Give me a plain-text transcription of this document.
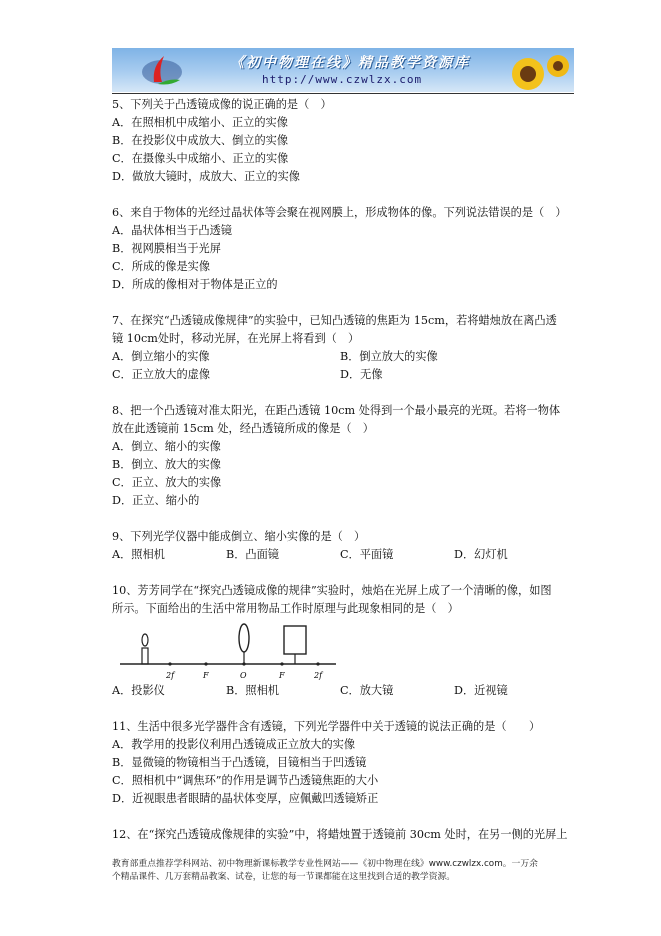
《初中物理在线》精品教学资源库
http://www.czwlzx.com

5、下列关于凸透镜成像的说正确的是（　）

A．在照相机中成缩小、正立的实像

B．在投影仪中成放大、倒立的实像

C．在摄像头中成缩小、正立的实像

D．做放大镜时，成放大、正立的实像

6、来自于物体的光经过晶状体等会聚在视网膜上，形成物体的像。下列说法错误的是（　）

A．晶状体相当于凸透镜

B．视网膜相当于光屏

C．所成的像是实像

D．所成的像相对于物体是正立的

7、在探究“凸透镜成像规律”的实验中，已知凸透镜的焦距为 15cm，若将蜡烛放在离凸透

镜 10cm处时，移动光屏，在光屏上将看到（　）

A．倒立缩小的实像	B．倒立放大的实像
C．正立放大的虚像	D．无像

8、把一个凸透镜对准太阳光，在距凸透镜 10cm 处得到一个最小最亮的光斑。若将一物体

放在此透镜前 15cm 处，经凸透镜所成的像是（　）

A．倒立、缩小的实像

B．倒立、放大的实像

C．正立、放大的实像

D．正立、缩小的

9、下列光学仪器中能成倒立、缩小实像的是（　）

A．照相机	B．凸面镜	C．平面镜	D．幻灯机

10、芳芳同学在“探究凸透镜成像的规律”实验时，烛焰在光屏上成了一个清晰的像，如图

所示。下面给出的生活中常用物品工作时原理与此现象相同的是（　）

2f	F	O	F	2f
A．投影仪	B．照相机	C．放大镜	D．近视镜

11、生活中很多光学器件含有透镜，下列光学器件中关于透镜的说法正确的是（　　）

A．教学用的投影仪利用凸透镜成正立放大的实像

B．显微镜的物镜相当于凸透镜，目镜相当于凹透镜

C．照相机中“调焦环”的作用是调节凸透镜焦距的大小

D．近视眼患者眼睛的晶状体变厚，应佩戴凹透镜矫正

12、在“探究凸透镜成像规律的实验”中，将蜡烛置于透镜前 30cm 处时，在另一侧的光屏上

教育部重点推荐学科网站、初中物理新课标教学专业性网站——《初中物理在线》www.czwlzx.com。一万余

个精品课件、几万套精品教案、试卷，让您的每一节课都能在这里找到合适的教学资源。
